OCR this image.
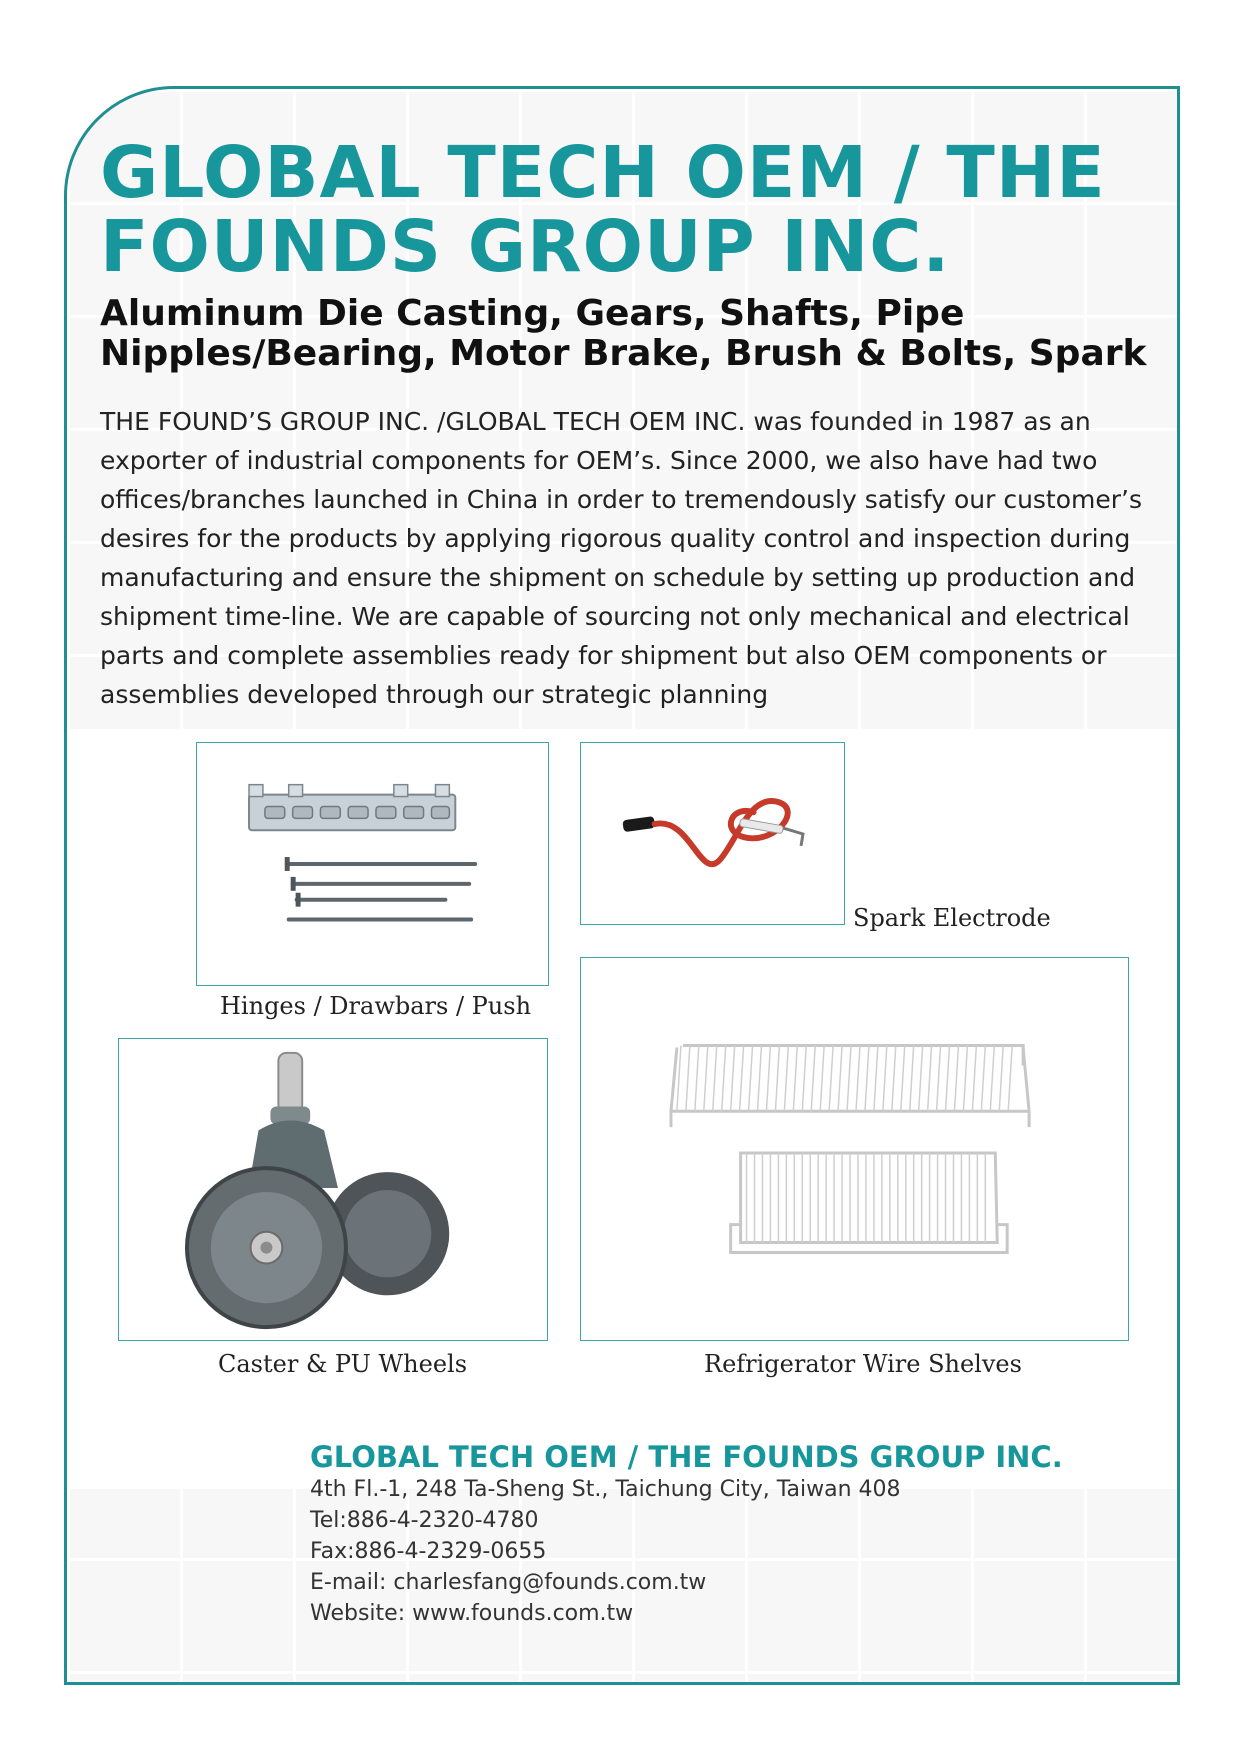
GLOBAL TECH OEM / THE FOUNDS GROUP INC.
Aluminum Die Casting, Gears, Shafts, Pipe Nipples/Bearing, Motor Brake, Brush & Bolts, Spark
THE FOUND’S GROUP INC. /GLOBAL TECH OEM INC. was founded in 1987 as an exporter of industrial components for OEM’s. Since 2000, we also have had two offices/branches launched in China in order to tremendously satisfy our customer’s desires for the products by applying rigorous quality control and inspection during manufacturing and ensure the shipment on schedule by setting up production and shipment time-line. We are capable of sourcing not only mechanical and electrical parts and complete assemblies ready for shipment but also OEM components or assemblies developed through our strategic planning
Hinges / Drawbars / Push
Spark Electrode
Caster & PU Wheels	Refrigerator Wire Shelves
GLOBAL TECH OEM / THE FOUNDS GROUP INC.
4th Fl.-1, 248 Ta-Sheng St., Taichung City, Taiwan 408
Tel:886-4-2320-4780
Fax:886-4-2329-0655
E-mail: charlesfang@founds.com.tw
Website: www.founds.com.tw
